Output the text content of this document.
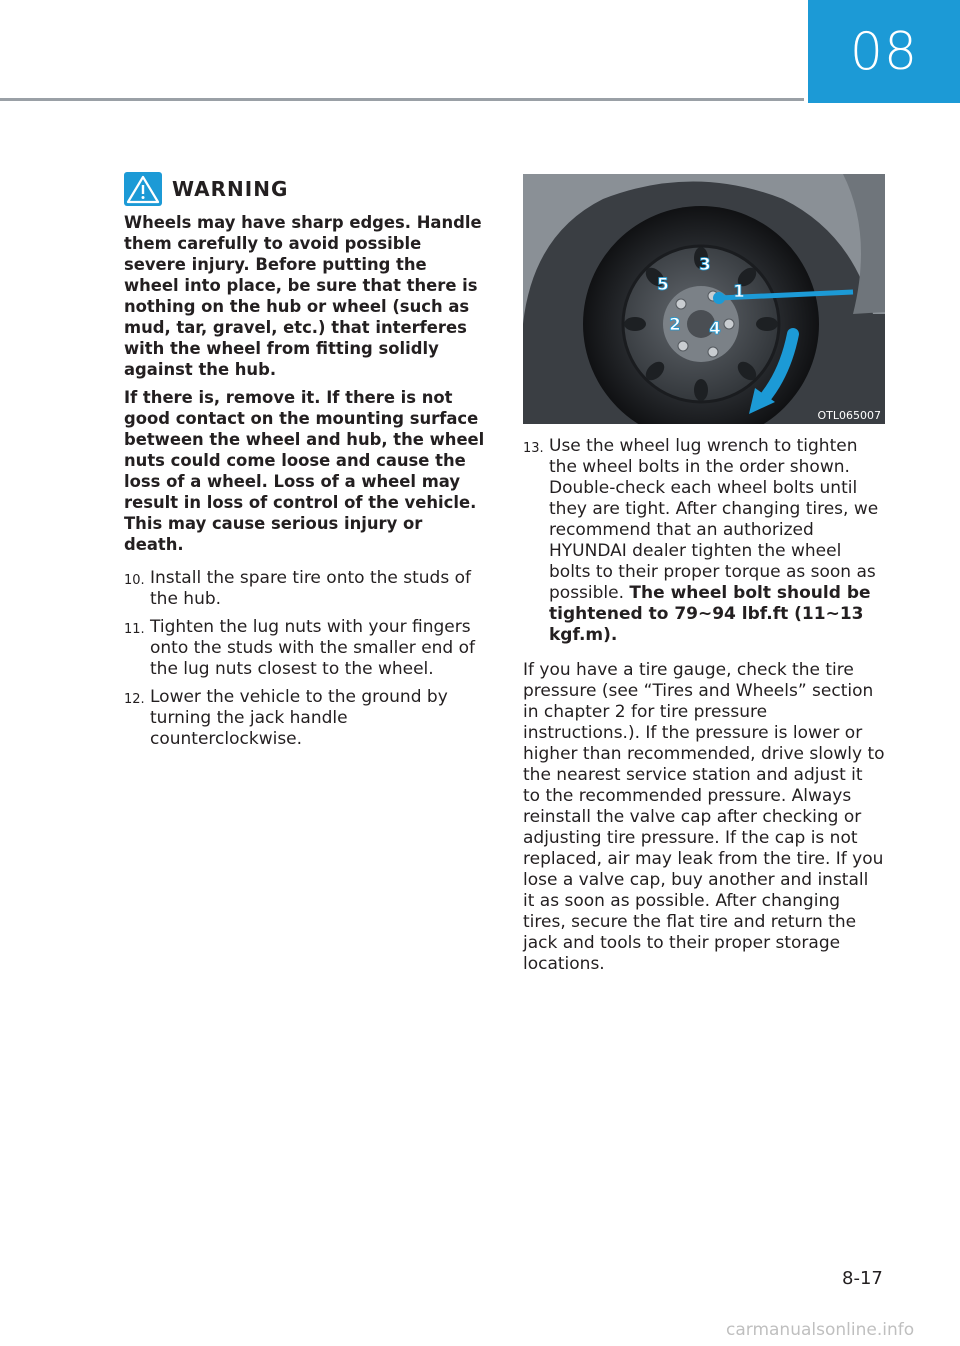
08
WARNING

Wheels may have sharp edges. Handle them carefully to avoid possible severe injury. Before putting the wheel into place, be sure that there is nothing on the hub or wheel (such as mud, tar, gravel, etc.) that interferes with the wheel from fitting solidly against the hub.

If there is, remove it. If there is not good contact on the mounting surface between the wheel and hub, the wheel nuts could come loose and cause the loss of a wheel. Loss of a wheel may result in loss of control of the vehicle. This may cause serious injury or death.

10. Install the spare tire onto the studs of the hub.
11. Tighten the lug nuts with your fingers onto the studs with the smaller end of the lug nuts closest to the wheel.
12. Lower the vehicle to the ground by turning the jack handle counterclockwise.
1
2
3
4
5
OTL065007
13. Use the wheel lug wrench to tighten the wheel bolts in the order shown. Double-check each wheel bolts until they are tight. After changing tires, we recommend that an authorized HYUNDAI dealer tighten the wheel bolts to their proper torque as soon as possible. The wheel bolt should be tightened to 79~94 lbf.ft (11~13 kgf.m).

If you have a tire gauge, check the tire pressure (see “Tires and Wheels” section in chapter 2 for tire pressure instructions.). If the pressure is lower or higher than recommended, drive slowly to the nearest service station and adjust it to the recommended pressure. Always reinstall the valve cap after checking or adjusting tire pressure. If the cap is not replaced, air may leak from the tire. If you lose a valve cap, buy another and install it as soon as possible. After changing tires, secure the flat tire and return the jack and tools to their proper storage locations.

8-17
carmanualsonline.info
